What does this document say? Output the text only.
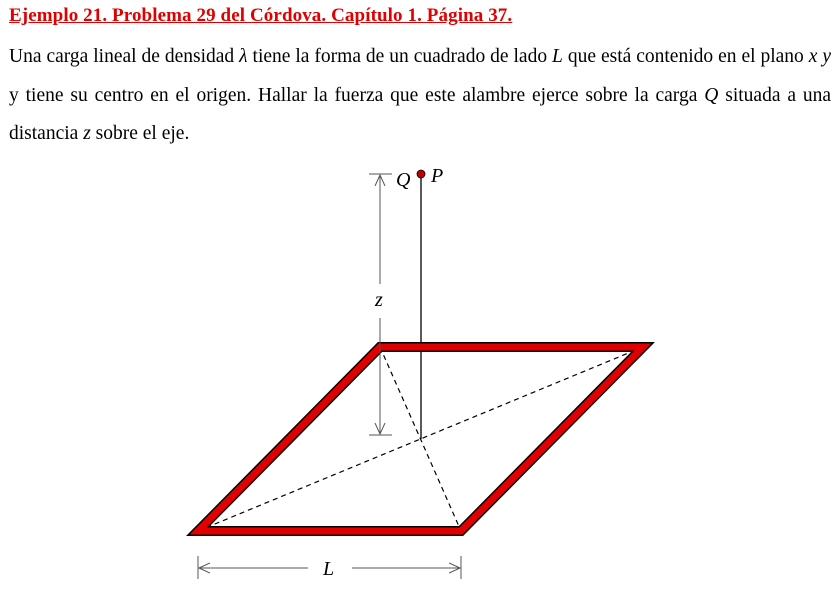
Ejemplo 21. Problema 29 del Córdova. Capítulo 1. Página 37.
Una carga lineal de densidad λ tiene la forma de un cuadrado de lado L que está contenido en el plano x y y tiene su centro en el origen. Hallar la fuerza que este alambre ejerce sobre la carga Q situada a una distancia z sobre el eje.
Q P
z
L
